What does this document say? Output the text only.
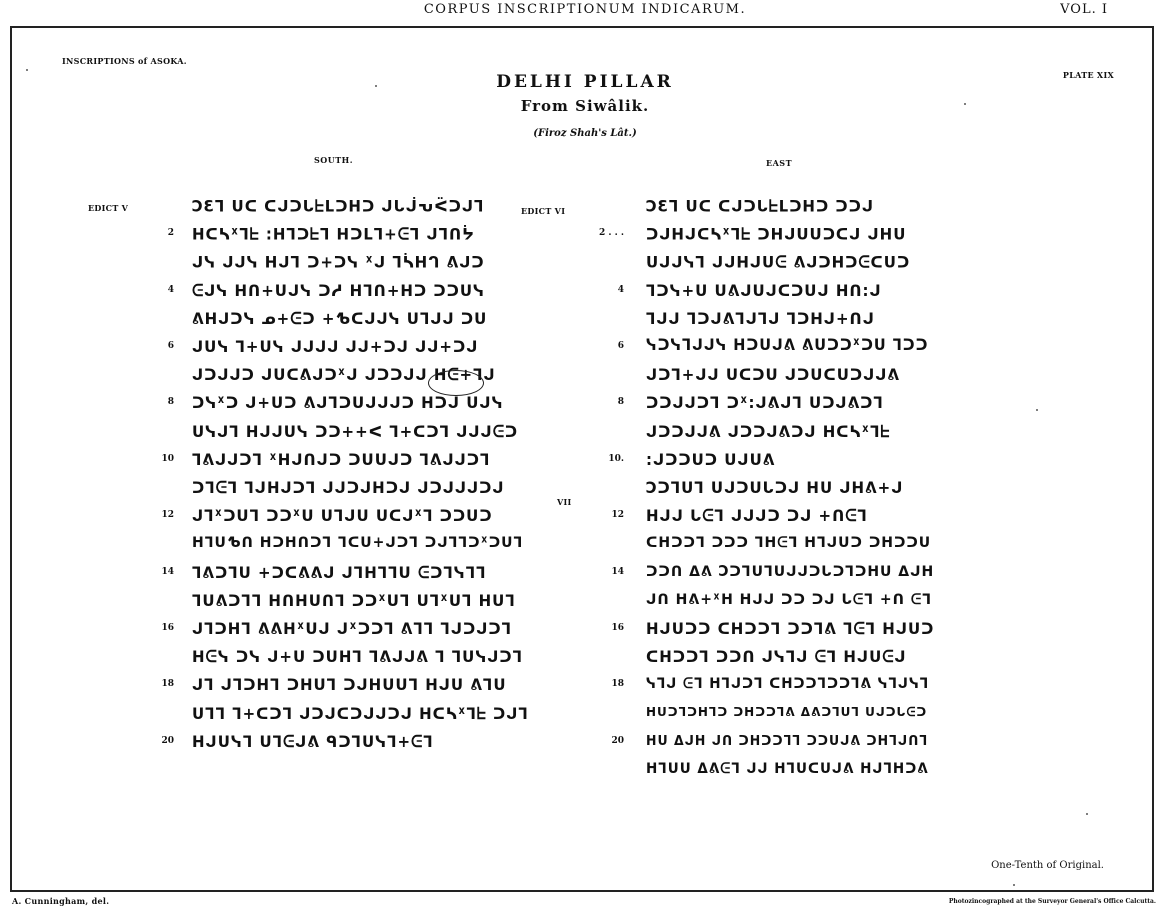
CORPUS INSCRIPTIONUM INDICARUM.	VOL. I
INSCRIPTIONS of ASOKA.
PLATE XIX
DELHI PILLAR
From Siwâlik.
(Firoz Shah's Lât.)
SOUTH.	EAST
EDICT V	ϽƐᒣ ᑌᑕ ᑕᒍᑐᒐᖶᒪᑐᕼᑐ ᒍᒐᒎᕃᑈᑐᒍᒣ
2 ᕼᑕᓴᕽᒣᖶ :ᕼᒣᑐᖶᒣ ᕼᑐᒪᒣ+ᕮᒣ ᒍᒣᑎᔮ
ᒍᓭ ᒍᒍᓭ ᕼᒍᒣ ᑐ+ᑐᓭ ᕽᒍ ᒣᓵᕼᒉ ᕕᒍᑐ
4 ᕮᒍᓭ ᕼᑎ+ᑌᒍᓭ ᑐᓱ ᕼᒣᑎ+ᕼᑐ ᑐᑐᑌᓭ
ᕕᕼᒍᑐᓭ ᓄ+ᕮᑐ +ᕹᑕᒍᒍᓭ ᑌᒣᒍᒍ ᑐᑌ
6 ᒍᑌᓭ ᒣ+ᑌᓭ ᒍᒍᒍᒍ ᒍᒍ+ᑐᒍ ᒍᒍ+ᑐᒍ
ᒍᑐᒍᒍᑐ ᒍᑌᑕᕕᒍᑐᕽᒍ ᒍᑐᑐᒍᒍ ᕼᕮ+ᒣᒍ
8 ᑐᓭᕽᑐ ᒍ+ᑌᑐ ᕕᒍᒣᑐᑌᒍᒍᒍᑐ ᕼᑐᒍ ᑌᒍᓭ
ᑌᓭᒍᒣ ᕼᒍᒍᑌᓭ ᑐᑐ++ᐸ ᒣ+ᑕᑐᒣ ᒍᒍᒍᕮᑐ
10 ᒣᕕᒍᒍᑐᒣ ᕽᕼᒍᑎᒍᑐ ᑐᑌᑌᒍᑐ ᒣᕕᒍᒍᑐᒣ
ᑐᒣᕮᒣ ᒣᒍᕼᒍᑐᒣ ᒍᒍᑐᒍᕼᑐᒍ ᒍᑐᒍᒍᒍᑐᒍ
12 ᒍᒣᕽᑐᑌᒣ ᑐᑐᕽᑌ ᑌᒣᒍᑌ ᑌᑕᒍᕽᒣ ᑐᑐᑌᑐ
ᕼᒣᑌᕹᑎ ᕼᑐᕼᑎᑐᒣ ᒣᑕᑌ+ᒍᑐᒣ ᑐᒍᒣᒣᑐᕽᑐᑌᒣ
14 ᒣᕕᑐᒣᑌ +ᑐᑕᕕᕕᒍ ᒍᒣᕼᒣᒣᑌ ᕮᑐᒣᓭᒣᒣ
ᒣᑌᕕᑐᒣᒣ ᕼᑎᕼᑌᑎᒣ ᑐᑐᕽᑌᒣ ᑌᒣᕽᑌᒣ ᕼᑌᒣ
16 ᒍᒣᑐᕼᒣ ᕕᕕᕼᕽᑌᒍ ᒍᕽᑐᑐᒣ ᕕᒣᒣ ᒣᒍᑐᒍᑐᒣ
ᕼᕮᓭ ᑐᓭ ᒍ+ᑌ ᑐᑌᕼᒣ ᒣᕕᒍᒍᕕ ᒣ ᒣᑌᓭᒍᑐᒣ
18 ᒍᒣ ᒍᒣᑐᕼᒣ ᑐᕼᑌᒣ ᑐᒍᕼᑌᑌᒣ ᕼᒍᑌ ᕕᒣᑌ
ᑌᒣᒣ ᒣ+ᑕᑐᒣ ᒍᑐᒍᑕᑐᒍᒍᑐᒍ ᕼᑕᓴᕽᒣᖶ ᑐᒍᒣ
20 ᕼᒍᑌᓭᒣ ᑌᒣᕮᒍᕕ ᑫᑐᒣᑌᓭᒣ+ᕮᒣ
EDICT VI
VII
ϽƐᒣ ᑌᑕ ᑕᒍᑐᒐᖶᒪᑐᕼᑐ ᑐᑐᒍ
2 . . . ᑐᒍᕼᒍᑕᓴᕽᒣᖶ ᑐᕼᒍᑌᑌᑐᑕᒍ ᒍᕼᑌ
ᑌᒍᒍᓭᒣ ᒍᒍᕼᒍᑌᕮ ᕕᒍᑐᕼᑐᕮᑕᑌᑐ
4 ᒣᑐᓭ+ᑌ ᑌᕕᒍᑌᒍᑕᑐᑌᒍ ᕼᑎ:ᒍ
ᒣᒍᒍ ᒣᑐᒍᕕᒣᒍᒣᒍ ᒣᑐᕼᒍ+ᑎᒍ
6 ᓭᑐᓭᒣᒍᒍᓭ ᕼᑐᑌᒍᕕ ᕕᑌᑐᑐᕽᑐᑌ ᒣᑐᑐ
ᒍᑐᒣ+ᒍᒍ ᑌᑕᑐᑌ ᒍᑐᑌᑕᑌᑐᒍᒍᕕ
8 ᑐᑐᒍᒍᑐᒣ ᑐᕽ:ᒍᕕᒍᒣ ᑌᑐᒍᕕᑐᒣ
ᒍᑐᑐᒍᒍᕕ ᒍᑐᑐᒍᕕᑐᒍ ᕼᑕᓴᕽᒣᖶ
10. :ᒍᑐᑐᑌᑐ ᑌᒍᑌᕕ
Ͻᑐᒣᑌᒣ ᑌᒍᑐᑌᒐᑐᒍ ᕼᑌ ᒍᕼᕕ+ᒍ
12 ᕼᒍᒍ ᒐᕮᒣ ᒍᒍᒍᑐ ᑐᒍ +ᑎᕮᒣ
ᑕᕼᑐᑐᒣ ᑐᑐᑐ ᒣᕼᕮᒣ ᕼᒣᒍᑌᑐ ᑐᕼᑐᑐᑌ
14 ᑐᑐᑎ ᐃᕕ Ͻᑐᒣᑌᒣᑌᒍᒍᑐᒐᑐᒣᑐᕼᑌ ᐃᒍᕼ
ᒍᑎ ᕼᕕ+ᕽᕼ ᕼᒍᒍ ᑐᑐ ᑐᒍ ᒐᕮᒣ +ᑎ ᕮᒣ
16 ᕼᒍᑌᑐᑐ ᑕᕼᑐᑐᒣ ᑐᑐᒣᕕ ᒣᕮᒣ ᕼᒍᑌᑐ
ᑕᕼᑐᑐᒣ ᑐᑐᑎ ᒍᓭᒣᒍ ᕮᒣ ᕼᒍᑌᕮᒍ
18 ᓭᒣᒍ ᕮᒣ ᕼᒣᒍᑐᒣ ᑕᕼᑐᑐᒣᑐᑐᒣᕕ ᓭᒣᒍᓭᒣ
ᕼᑌᑐᒣᑐᕼᒣᑐ ᑐᕼᑐᑐᒣᕕ ᐃᕕᑐᒣᑌᒣ ᑌᒍᑐᒐᕮᑐ
20 ᕼᑌ ᐃᒍᕼ ᒍᑎ ᑐᕼᑐᑐᒣᒣ ᑐᑐᑌᒍᕕ ᑐᕼᒣᒍᑎᒣ
ᕼᒣᑌᑌ ᐃᕕᕮᒣ ᒍᒍ ᕼᒣᑌᑕᑌᒍᕕ ᕼᒍᒣᕼᑐᕕ
One-Tenth of Original.
A. Cunningham, del.	Photozincographed at the Surveyor General's Office Calcutta.
